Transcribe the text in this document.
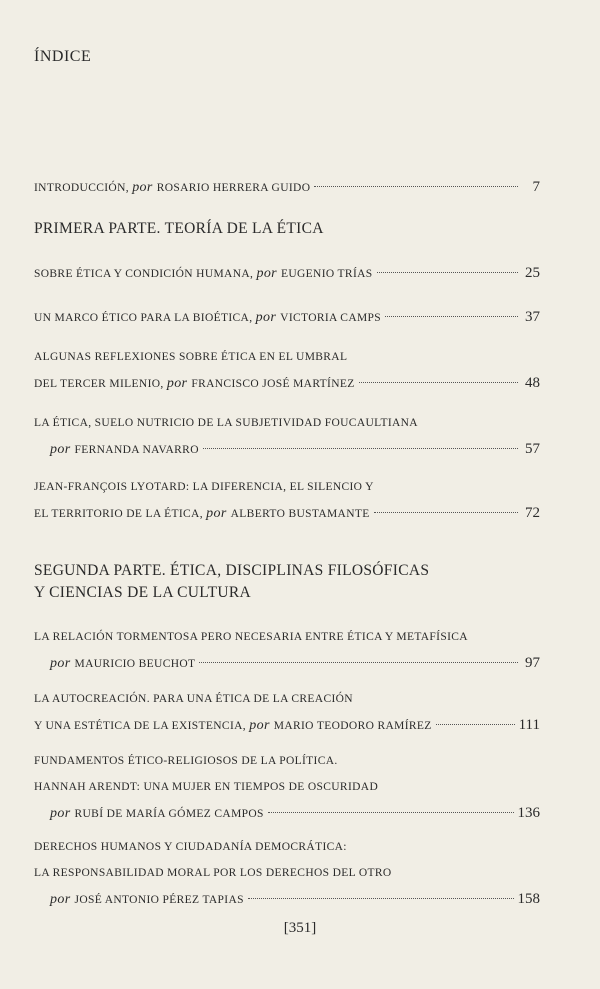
ÍNDICE
INTRODUCCIÓN,
por ROSARIO HERRERA GUIDO	7
PRIMERA PARTE. TEORÍA DE LA ÉTICA
SOBRE ÉTICA Y CONDICIÓN HUMANA,
por EUGENIO TRÍAS	25
UN MARCO ÉTICO PARA LA BIOÉTICA,
por VICTORIA CAMPS	37
ALGUNAS REFLEXIONES SOBRE ÉTICA EN EL UMBRAL
DEL TERCER MILENIO,
por FRANCISCO JOSÉ MARTÍNEZ	48
LA ÉTICA, SUELO NUTRICIO DE LA SUBJETIVIDAD FOUCAULTIANA
por FERNANDA NAVARRO	57
JEAN-FRANÇOIS LYOTARD: LA DIFERENCIA, EL SILENCIO Y
EL TERRITORIO DE LA ÉTICA,
por ALBERTO BUSTAMANTE	72
SEGUNDA PARTE. ÉTICA, DISCIPLINAS FILOSÓFICAS
Y CIENCIAS DE LA CULTURA
LA RELACIÓN TORMENTOSA PERO NECESARIA ENTRE ÉTICA Y METAFÍSICA
por MAURICIO BEUCHOT	97
LA AUTOCREACIÓN. PARA UNA ÉTICA DE LA CREACIÓN
Y UNA ESTÉTICA DE LA EXISTENCIA,
por MARIO TEODORO RAMÍREZ	111
FUNDAMENTOS ÉTICO-RELIGIOSOS DE LA POLÍTICA.
HANNAH ARENDT: UNA MUJER EN TIEMPOS DE OSCURIDAD
por RUBÍ DE MARÍA GÓMEZ CAMPOS	136
DERECHOS HUMANOS Y CIUDADANÍA DEMOCRÁTICA:
LA RESPONSABILIDAD MORAL POR LOS DERECHOS DEL OTRO
por JOSÉ ANTONIO PÉREZ TAPIAS	158
[351]
